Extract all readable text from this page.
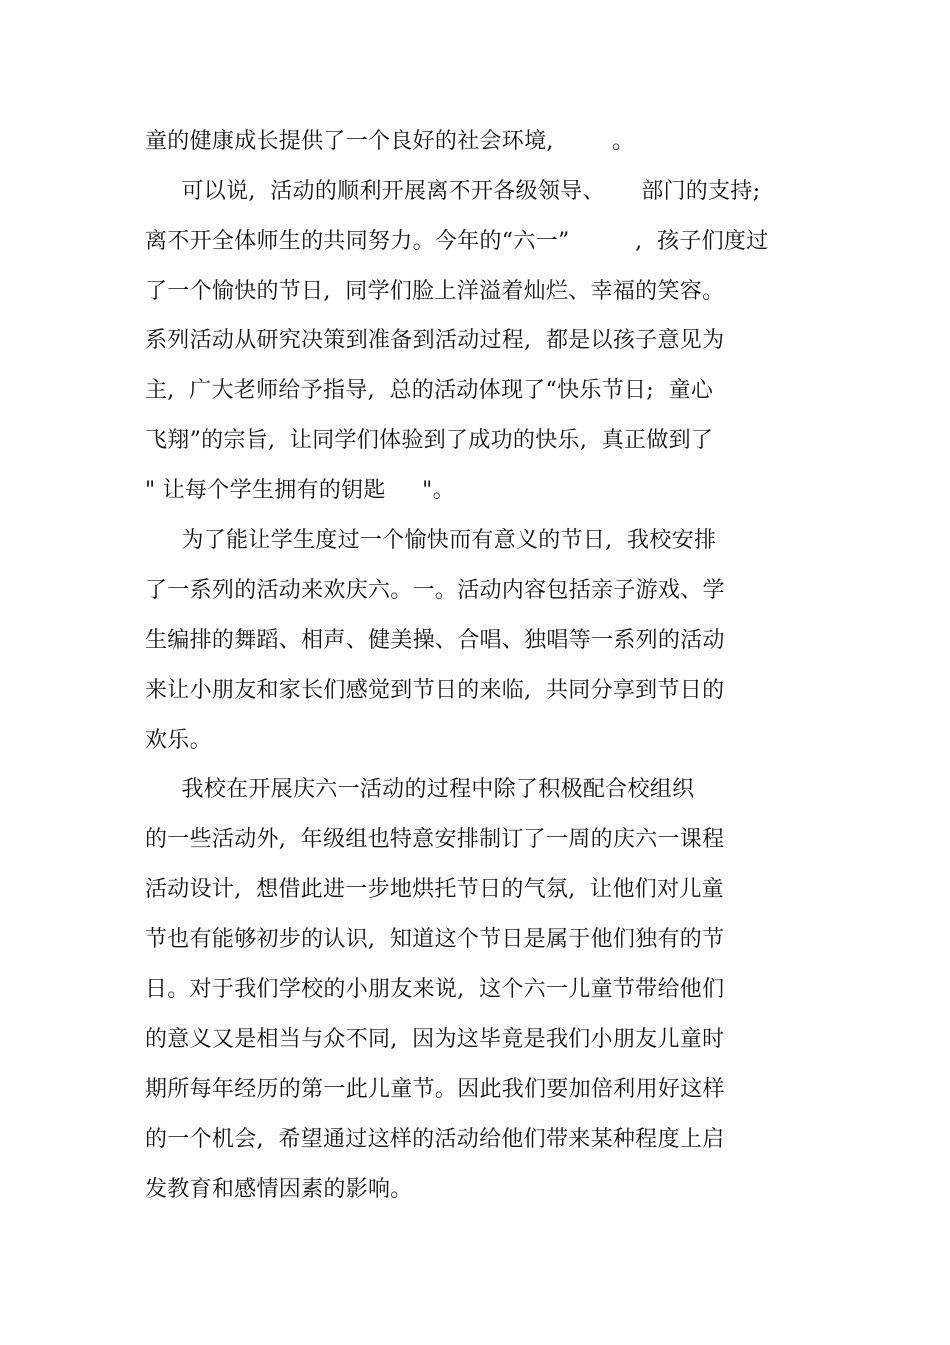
童的健康成长提供了一个良好的社会环境,        。

可以说,  活动的顺利开展离不开各级领导、     部门的支持;

离不开全体师生的共同努力。今年的“六一”         ,  孩子们度过

了一个愉快的节日,  同学们脸上洋溢着灿烂、幸福的笑容。

系列活动从研究决策到准备到活动过程,  都是以孩子意见为

主,  广大老师给予指导,  总的活动体现了“快乐节日;  童心

飞翔”的宗旨,  让同学们体验到了成功的快乐,  真正做到了

" 让每个学生拥有的钥匙     "。

为了能让学生度过一个愉快而有意义的节日,  我校安排

了一系列的活动来欢庆六。一。活动内容包括亲子游戏、学

生编排的舞蹈、相声、健美操、合唱、独唱等一系列的活动

来让小朋友和家长们感觉到节日的来临,  共同分享到节日的

欢乐。

我校在开展庆六一活动的过程中除了积极配合校组织

的一些活动外,  年级组也特意安排制订了一周的庆六一课程

活动设计,  想借此进一步地烘托节日的气氛,  让他们对儿童

节也有能够初步的认识,  知道这个节日是属于他们独有的节

日。对于我们学校的小朋友来说,  这个六一儿童节带给他们

的意义又是相当与众不同,  因为这毕竟是我们小朋友儿童时

期所每年经历的第一此儿童节。因此我们要加倍利用好这样

的一个机会,  希望通过这样的活动给他们带来某种程度上启

发教育和感情因素的影响。
